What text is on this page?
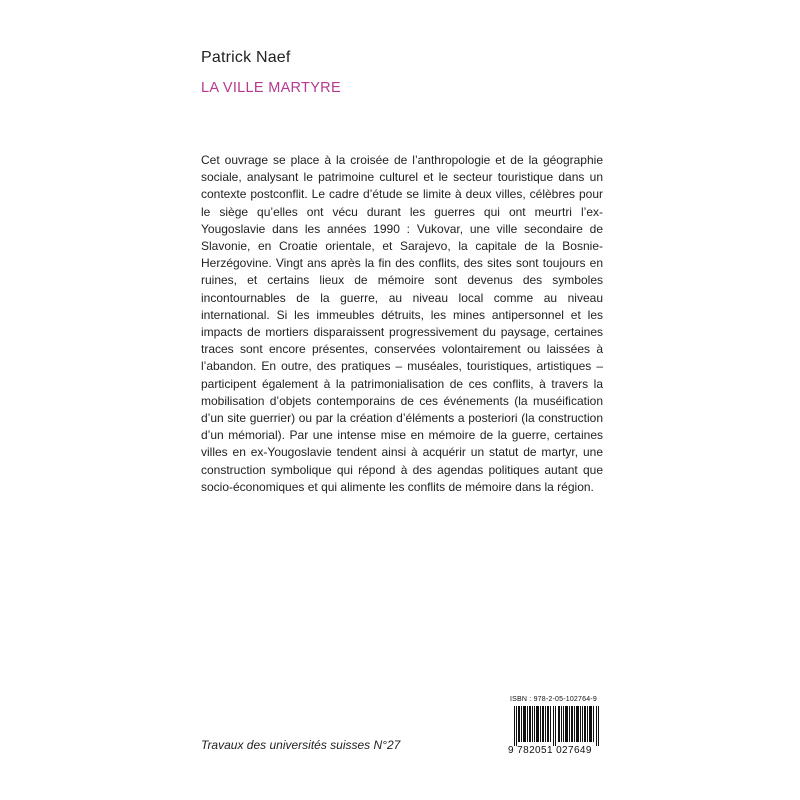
Patrick Naef
LA VILLE MARTYRE

Cet ouvrage se place à la croisée de l’anthropologie et de la géographie sociale, analysant le patrimoine culturel et le secteur touristique dans un contexte postconflit. Le cadre d’étude se limite à deux villes, célèbres pour le siège qu’elles ont vécu durant les guerres qui ont meurtri l’ex-Yougoslavie dans les années 1990 : Vukovar, une ville secondaire de Slavonie, en Croatie orientale, et Sarajevo, la capitale de la Bosnie-Herzégovine. Vingt ans après la fin des conflits, des sites sont toujours en ruines, et certains lieux de mémoire sont devenus des symboles incontournables de la guerre, au niveau local comme au niveau international. Si les immeubles détruits, les mines antipersonnel et les impacts de mortiers disparaissent progressivement du paysage, certaines traces sont encore présentes, conservées volontairement ou laissées à l’abandon. En outre, des pratiques – muséales, touristiques, artistiques – participent également à la patrimonialisation de ces conflits, à travers la mobilisation d’objets contemporains de ces événements (la muséification d’un site guerrier) ou par la création d’éléments a posteriori (la construction d’un mémorial). Par une intense mise en mémoire de la guerre, certaines villes en ex-Yougoslavie tendent ainsi à acquérir un statut de martyr, une construction symbolique qui répond à des agendas politiques autant que socio-économiques et qui alimente les conflits de mémoire dans la région.

Travaux des universités suisses N°27
ISBN : 978-2-05-102764-9
9 782051 027649
